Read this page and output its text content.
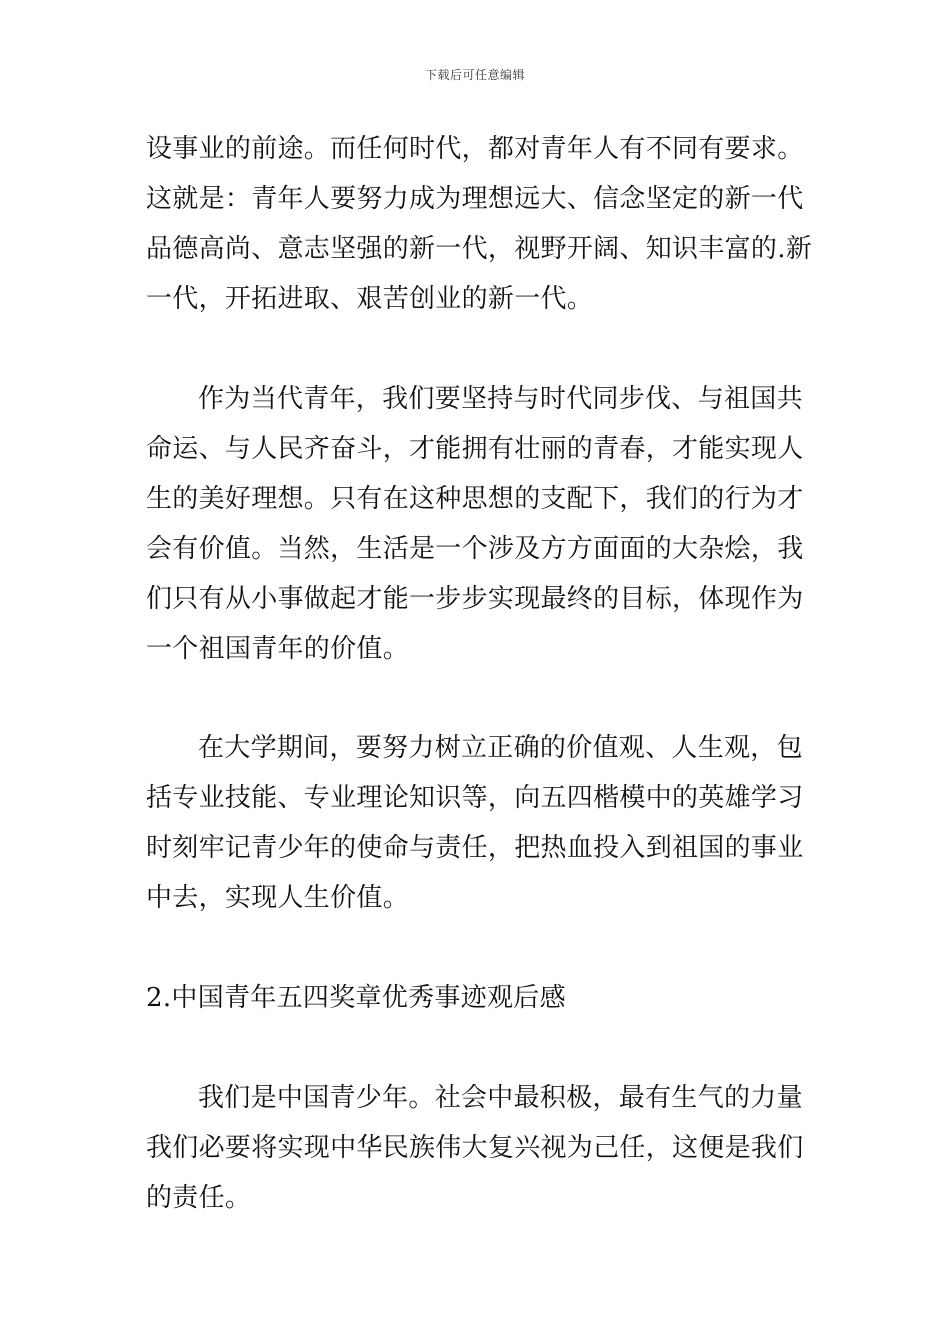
下载后可任意编辑
设事业的前途。而任何时代，都对青年人有不同有要求。
这就是：青年人要努力成为理想远大、信念坚定的新一代
品德高尚、意志坚强的新一代，视野开阔、知识丰富的.新
一代，开拓进取、艰苦创业的新一代。
作为当代青年，我们要坚持与时代同步伐、与祖国共
命运、与人民齐奋斗，才能拥有壮丽的青春，才能实现人
生的美好理想。只有在这种思想的支配下，我们的行为才
会有价值。当然，生活是一个涉及方方面面的大杂烩，我
们只有从小事做起才能一步步实现最终的目标，体现作为
一个祖国青年的价值。
在大学期间，要努力树立正确的价值观、人生观，包
括专业技能、专业理论知识等，向五四楷模中的英雄学习
时刻牢记青少年的使命与责任，把热血投入到祖国的事业
中去，实现人生价值。
2.中国青年五四奖章优秀事迹观后感
我们是中国青少年。社会中最积极，最有生气的力量
我们必要将实现中华民族伟大复兴视为己任，这便是我们
的责任。
